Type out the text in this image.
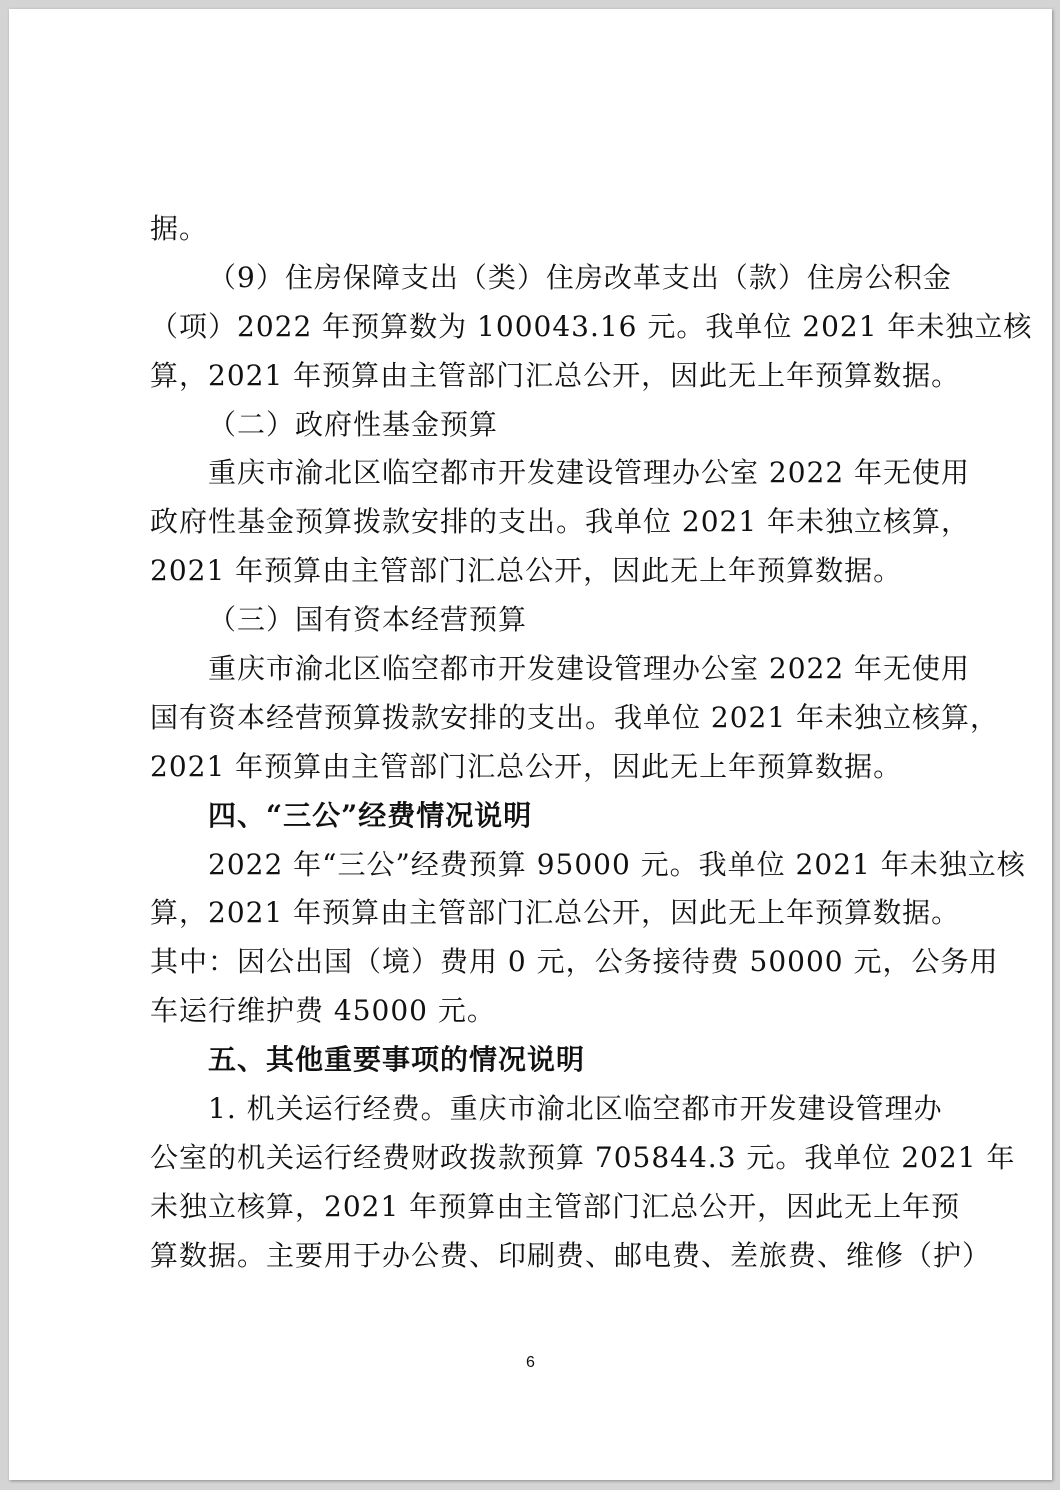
据。
（9）住房保障支出（类）住房改革支出（款）住房公积金
（项）2022 年预算数为 100043.16 元。我单位 2021 年未独立核
算，2021 年预算由主管部门汇总公开，因此无上年预算数据。
（二）政府性基金预算
重庆市渝北区临空都市开发建设管理办公室 2022 年无使用
政府性基金预算拨款安排的支出。我单位 2021 年未独立核算，
2021 年预算由主管部门汇总公开，因此无上年预算数据。
（三）国有资本经营预算
重庆市渝北区临空都市开发建设管理办公室 2022 年无使用
国有资本经营预算拨款安排的支出。我单位 2021 年未独立核算，
2021 年预算由主管部门汇总公开，因此无上年预算数据。
四、“三公”经费情况说明
2022 年“三公”经费预算 95000 元。我单位 2021 年未独立核
算，2021 年预算由主管部门汇总公开，因此无上年预算数据。
其中：因公出国（境）费用 0 元，公务接待费 50000 元，公务用
车运行维护费 45000 元。
五、其他重要事项的情况说明
1. 机关运行经费。重庆市渝北区临空都市开发建设管理办
公室的机关运行经费财政拨款预算 705844.3 元。我单位 2021 年
未独立核算，2021 年预算由主管部门汇总公开，因此无上年预
算数据。主要用于办公费、印刷费、邮电费、差旅费、维修（护）
6
